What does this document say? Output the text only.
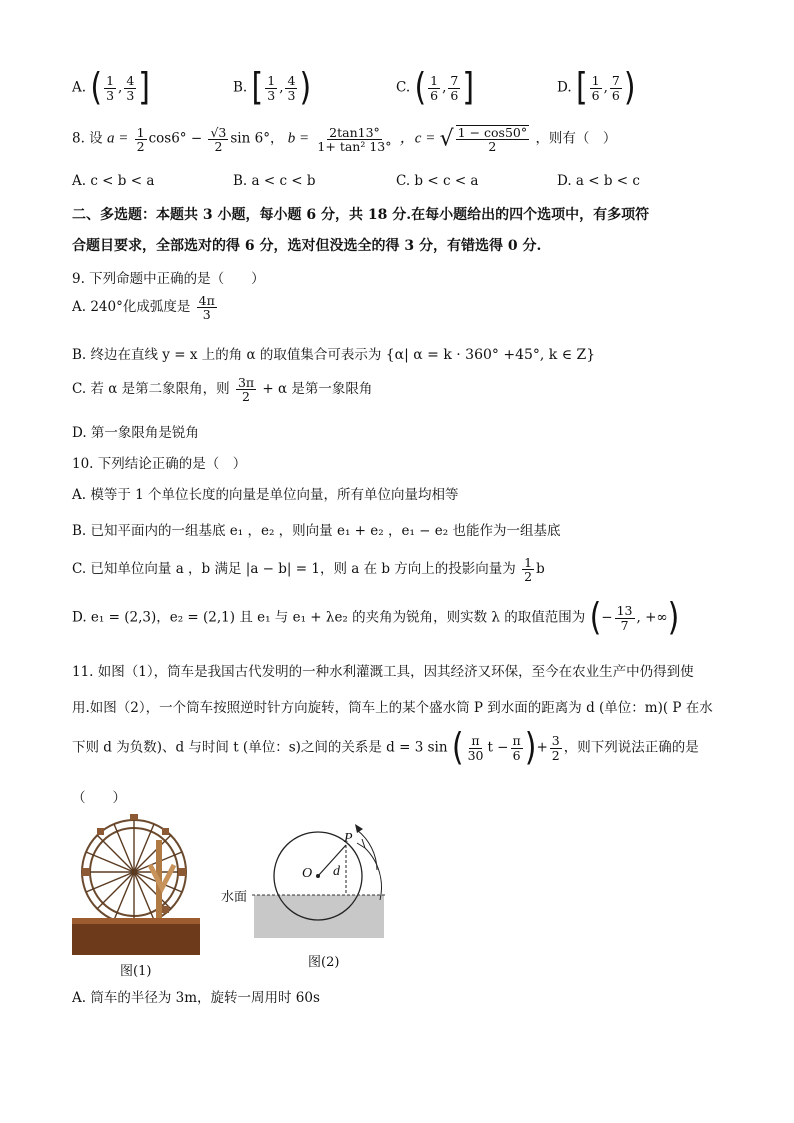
A. ( $\frac{1}{3}$ , $\frac{4}{3}$ ]	B. [ $\frac{1}{3}$ , $\frac{4}{3}$ )	C. ( $\frac{1}{6}$ , $\frac{7}{6}$ ]	D. [ $\frac{1}{6}$ , $\frac{7}{6}$ )
8. 设 $a = \frac{1}{2} \cos 6^\circ - \frac{√3}{2}$ sin 6°， $b = \frac{2\tan 13^\circ}{\text{1+ tan² 13°}}$ ，c = √ $\frac{1 - \cos 50^\circ}{2}$ ，则有（　）
A. c < b < a	B. a < c < b	C. b < c < a	D. a < b < c
二、多选题：本题共 3 小题，每小题 6 分，共 18 分.在每小题给出的四个选项中，有多项符
合题目要求，全部选对的得 6 分，选对但没选全的得 3 分，有错选得 0 分.
9. 下列命题中正确的是（　　）
A. 240°化成弧度是 $\frac{4\pi}{3}$
B. 终边在直线 y = x 上的角 α 的取值集合可表示为 {α| α = k · 360° +45°, k ∈ Z}
C. 若 α 是第二象限角，则 $\frac{3\pi}{2} + \alpha$ 是第一象限角
D. 第一象限角是锐角
10. 下列结论正确的是（　）
A. 模等于 1 个单位长度的向量是单位向量，所有单位向量均相等
B. 已知平面内的一组基底 e₁ ，e₂ ，则向量 e₁ + e₂ ，e₁ − e₂ 也能作为一组基底
C. 已知单位向量 a ，b 满足 |a − b| = 1，则 a 在 b 方向上的投影向量为 $\frac{1}{2}$ b
D. e₁ = (2,3)，e₂ = (2,1) 且 e₁ 与 e₁ + λe₂ 的夹角为锐角，则实数 λ 的取值范围为 (− $\frac{13}{7}$ , +∞)
11. 如图（1），筒车是我国古代发明的一种水利灌溉工具，因其经济又环保，至今在农业生产中仍得到使
用.如图（2），一个筒车按照逆时针方向旋转，筒车上的某个盛水筒 P 到水面的距离为 d (单位：m)( P 在水
下则 d 为负数)、d 与时间 t (单位：s)之间的关系是 d = 3 sin ( $\frac{\pi}{30}$ $t - \frac{\pi}{6}$ )+ $\frac{3}{2}$ ，则下列说法正确的是
（　　）
图(1)
O
P
d
水面
图(2)
A. 筒车的半径为 3m，旋转一周用时 60s
